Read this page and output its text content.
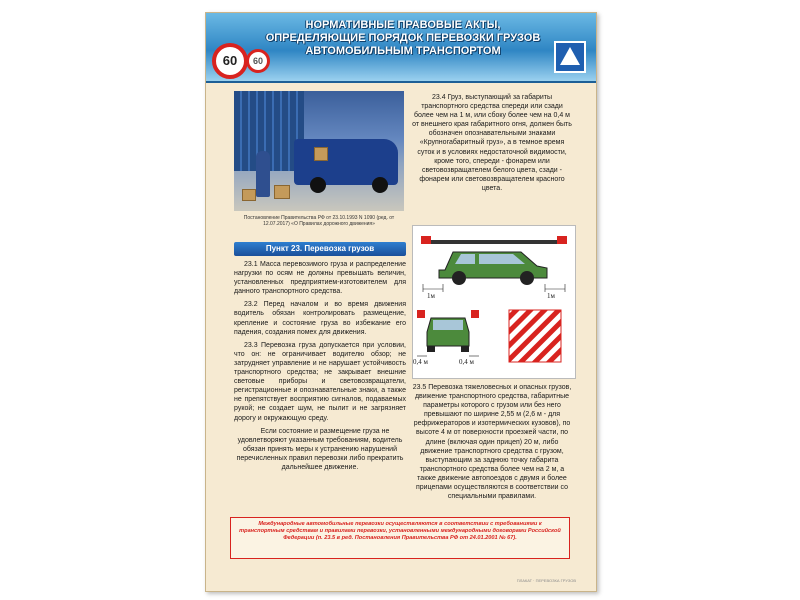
60	60
НОРМАТИВНЫЕ ПРАВОВЫЕ АКТЫ, ОПРЕДЕЛЯЮЩИЕ ПОРЯДОК ПЕРЕВОЗКИ ГРУЗОВ АВТОМОБИЛЬНЫМ ТРАНСПОРТОМ
Постановление Правительства РФ от 23.10.1993 N 1090 (ред. от 12.07.2017) «О Правилах дорожного движения»
Пункт 23. Перевозка грузов

23.1 Масса перевозимого груза и распределение нагрузки по осям не должны превышать величин, установленных предприятием-изготовителем для данного транспортного средства.

23.2 Перед началом и во время движения водитель обязан контролировать размещение, крепление и состояние груза во избежание его падения, создания помех для движения.

23.3 Перевозка груза допускается при условии, что он: не ограничивает водителю обзор; не затрудняет управление и не нарушает устойчивость транспортного средства; не закрывает внешние световые приборы и световозвращатели, регистрационные и опознавательные знаки, а также не препятствует восприятию сигналов, подаваемых рукой; не создает шум, не пылит и не загрязняет дорогу и окружающую среду.

Если состояние и размещение груза не удовлетворяют указанным требованиям, водитель обязан принять меры к устранению нарушений перечисленных правил перевозки либо прекратить дальнейшее движение.

23.4 Груз, выступающий за габариты транспортного средства спереди или сзади более чем на 1 м, или сбоку более чем на 0,4 м от внешнего края габаритного огня, должен быть обозначен опознавательными знаками «Крупногабаритный груз», а в темное время суток и в условиях недостаточной видимости, кроме того, спереди - фонарем или световозвращателем белого цвета, сзади - фонарем или световозвращателем красного цвета.
1м	1м
0,4 м	0,4 м
23.5 Перевозка тяжеловесных и опасных грузов, движение транспортного средства, габаритные параметры которого с грузом или без него превышают по ширине 2,55 м (2,6 м - для рефрижераторов и изотермических кузовов), по высоте 4 м от поверхности проезжей части, по длине (включая один прицеп) 20 м, либо движение транспортного средства с грузом, выступающим за заднюю точку габарита транспортного средства более чем на 2 м, а также движение автопоездов с двумя и более прицепами осуществляются в соответствии со специальными правилами.
Международные автомобильные перевозки осуществляются в соответствии с требованиями к транспортным средствам и правилами перевозки, установленными международными договорами Российской Федерации (п. 23.5 в ред. Постановления Правительства РФ от 24.01.2001 № 67).
ПЛАКАТ · ПЕРЕВОЗКА ГРУЗОВ
